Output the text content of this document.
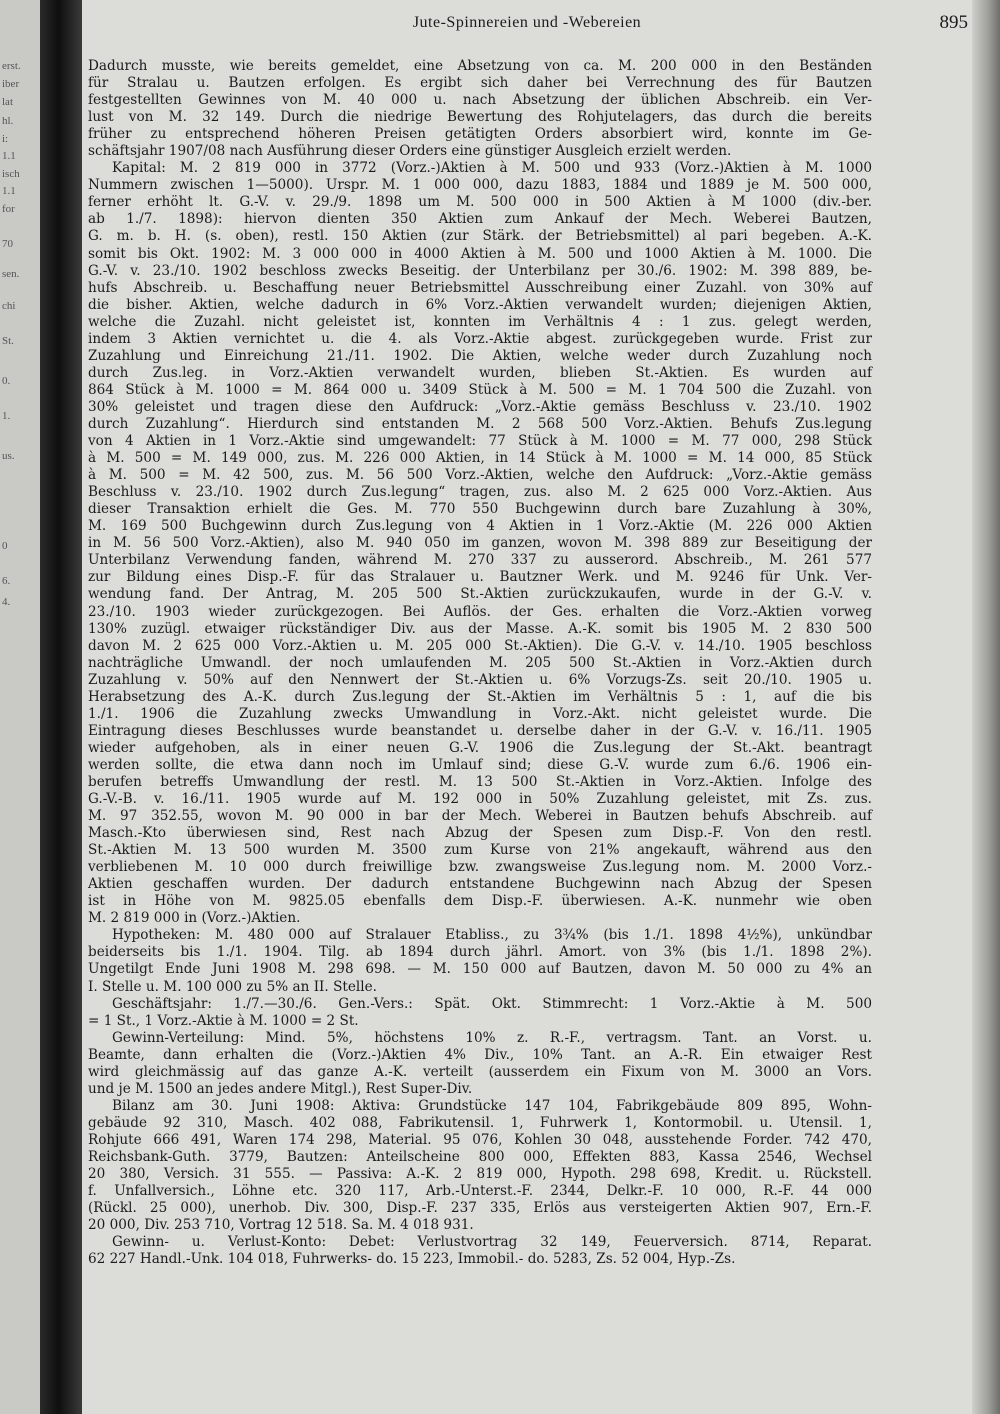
erst.
iber
lat
hl.
i:
1.1
isch
1.1
for
70
sen.
chi
St.
0.
1.
us.
0
6.
4.
Jute-Spinnereien und -Webereien	895
Dadurch musste, wie bereits gemeldet, eine Absetzung von ca. M. 200 000 in den Beständen
für Stralau u. Bautzen erfolgen. Es ergibt sich daher bei Verrechnung des für Bautzen
festgestellten Gewinnes von M. 40 000 u. nach Absetzung der üblichen Abschreib. ein Ver-
lust von M. 32 149. Durch die niedrige Bewertung des Rohjutelagers, das durch die bereits
früher zu entsprechend höheren Preisen getätigten Orders absorbiert wird, konnte im Ge-
schäftsjahr 1907/08 nach Ausführung dieser Orders eine günstiger Ausgleich erzielt werden.
Kapital: M. 2 819 000 in 3772 (Vorz.-)Aktien à M. 500 und 933 (Vorz.-)Aktien à M. 1000
Nummern zwischen 1—5000). Urspr. M. 1 000 000, dazu 1883, 1884 und 1889 je M. 500 000,
ferner erhöht lt. G.-V. v. 29./9. 1898 um M. 500 000 in 500 Aktien à M 1000 (div.-ber.
ab 1./7. 1898): hiervon dienten 350 Aktien zum Ankauf der Mech. Weberei Bautzen,
G. m. b. H. (s. oben), restl. 150 Aktien (zur Stärk. der Betriebsmittel) al pari begeben. A.-K.
somit bis Okt. 1902: M. 3 000 000 in 4000 Aktien à M. 500 und 1000 Aktien à M. 1000. Die
G.-V. v. 23./10. 1902 beschloss zwecks Beseitig. der Unterbilanz per 30./6. 1902: M. 398 889, be-
hufs Abschreib. u. Beschaffung neuer Betriebsmittel Ausschreibung einer Zuzahl. von 30% auf
die bisher. Aktien, welche dadurch in 6% Vorz.-Aktien verwandelt wurden; diejenigen Aktien,
welche die Zuzahl. nicht geleistet ist, konnten im Verhältnis 4 : 1 zus. gelegt werden,
indem 3 Aktien vernichtet u. die 4. als Vorz.-Aktie abgest. zurückgegeben wurde. Frist zur
Zuzahlung und Einreichung 21./11. 1902. Die Aktien, welche weder durch Zuzahlung noch
durch Zus.leg. in Vorz.-Aktien verwandelt wurden, blieben St.-Aktien. Es wurden auf
864 Stück à M. 1000 = M. 864 000 u. 3409 Stück à M. 500 = M. 1 704 500 die Zuzahl. von
30% geleistet und tragen diese den Aufdruck: „Vorz.-Aktie gemäss Beschluss v. 23./10. 1902
durch Zuzahlung“. Hierdurch sind entstanden M. 2 568 500 Vorz.-Aktien. Behufs Zus.legung
von 4 Aktien in 1 Vorz.-Aktie sind umgewandelt: 77 Stück à M. 1000 = M. 77 000, 298 Stück
à M. 500 = M. 149 000, zus. M. 226 000 Aktien, in 14 Stück à M. 1000 = M. 14 000, 85 Stück
à M. 500 = M. 42 500, zus. M. 56 500 Vorz.-Aktien, welche den Aufdruck: „Vorz.-Aktie gemäss
Beschluss v. 23./10. 1902 durch Zus.legung“ tragen, zus. also M. 2 625 000 Vorz.-Aktien. Aus
dieser Transaktion erhielt die Ges. M. 770 550 Buchgewinn durch bare Zuzahlung à 30%,
M. 169 500 Buchgewinn durch Zus.legung von 4 Aktien in 1 Vorz.-Aktie (M. 226 000 Aktien
in M. 56 500 Vorz.-Aktien), also M. 940 050 im ganzen, wovon M. 398 889 zur Beseitigung der
Unterbilanz Verwendung fanden, während M. 270 337 zu ausserord. Abschreib., M. 261 577
zur Bildung eines Disp.-F. für das Stralauer u. Bautzner Werk. und M. 9246 für Unk. Ver-
wendung fand. Der Antrag, M. 205 500 St.-Aktien zurückzukaufen, wurde in der G.-V. v.
23./10. 1903 wieder zurückgezogen. Bei Auflös. der Ges. erhalten die Vorz.-Aktien vorweg
130% zuzügl. etwaiger rückständiger Div. aus der Masse. A.-K. somit bis 1905 M. 2 830 500
davon M. 2 625 000 Vorz.-Aktien u. M. 205 000 St.-Aktien). Die G.-V. v. 14./10. 1905 beschloss
nachträgliche Umwandl. der noch umlaufenden M. 205 500 St.-Aktien in Vorz.-Aktien durch
Zuzahlung v. 50% auf den Nennwert der St.-Aktien u. 6% Vorzugs-Zs. seit 20./10. 1905 u.
Herabsetzung des A.-K. durch Zus.legung der St.-Aktien im Verhältnis 5 : 1, auf die bis
1./1. 1906 die Zuzahlung zwecks Umwandlung in Vorz.-Akt. nicht geleistet wurde. Die
Eintragung dieses Beschlusses wurde beanstandet u. derselbe daher in der G.-V. v. 16./11. 1905
wieder aufgehoben, als in einer neuen G.-V. 1906 die Zus.legung der St.-Akt. beantragt
werden sollte, die etwa dann noch im Umlauf sind; diese G.-V. wurde zum 6./6. 1906 ein-
berufen betreffs Umwandlung der restl. M. 13 500 St.-Aktien in Vorz.-Aktien. Infolge des
G.-V.-B. v. 16./11. 1905 wurde auf M. 192 000 in 50% Zuzahlung geleistet, mit Zs. zus.
M. 97 352.55, wovon M. 90 000 in bar der Mech. Weberei in Bautzen behufs Abschreib. auf
Masch.-Kto überwiesen sind, Rest nach Abzug der Spesen zum Disp.-F. Von den restl.
St.-Aktien M. 13 500 wurden M. 3500 zum Kurse von 21% angekauft, während aus den
verbliebenen M. 10 000 durch freiwillige bzw. zwangsweise Zus.legung nom. M. 2000 Vorz.-
Aktien geschaffen wurden. Der dadurch entstandene Buchgewinn nach Abzug der Spesen
ist in Höhe von M. 9825.05 ebenfalls dem Disp.-F. überwiesen. A.-K. nunmehr wie oben
M. 2 819 000 in (Vorz.-)Aktien.
Hypotheken: M. 480 000 auf Stralauer Etabliss., zu 3¾% (bis 1./1. 1898 4½%), unkündbar
beiderseits bis 1./1. 1904. Tilg. ab 1894 durch jährl. Amort. von 3% (bis 1./1. 1898 2%).
Ungetilgt Ende Juni 1908 M. 298 698. — M. 150 000 auf Bautzen, davon M. 50 000 zu 4% an
I. Stelle u. M. 100 000 zu 5% an II. Stelle.
Geschäftsjahr: 1./7.—30./6. Gen.-Vers.: Spät. Okt. Stimmrecht: 1 Vorz.-Aktie à M. 500
= 1 St., 1 Vorz.-Aktie à M. 1000 = 2 St.
Gewinn-Verteilung: Mind. 5%, höchstens 10% z. R.-F., vertragsm. Tant. an Vorst. u.
Beamte, dann erhalten die (Vorz.-)Aktien 4% Div., 10% Tant. an A.-R. Ein etwaiger Rest
wird gleichmässig auf das ganze A.-K. verteilt (ausserdem ein Fixum von M. 3000 an Vors.
und je M. 1500 an jedes andere Mitgl.), Rest Super-Div.
Bilanz am 30. Juni 1908: Aktiva: Grundstücke 147 104, Fabrikgebäude 809 895, Wohn-
gebäude 92 310, Masch. 402 088, Fabrikutensil. 1, Fuhrwerk 1, Kontormobil. u. Utensil. 1,
Rohjute 666 491, Waren 174 298, Material. 95 076, Kohlen 30 048, ausstehende Forder. 742 470,
Reichsbank-Guth. 3779, Bautzen: Anteilscheine 800 000, Effekten 883, Kassa 2546, Wechsel
20 380, Versich. 31 555. — Passiva: A.-K. 2 819 000, Hypoth. 298 698, Kredit. u. Rückstell.
f. Unfallversich., Löhne etc. 320 117, Arb.-Unterst.-F. 2344, Delkr.-F. 10 000, R.-F. 44 000
(Rückl. 25 000), unerhob. Div. 300, Disp.-F. 237 335, Erlös aus versteigerten Aktien 907, Ern.-F.
20 000, Div. 253 710, Vortrag 12 518. Sa. M. 4 018 931.
Gewinn- u. Verlust-Konto: Debet: Verlustvortrag 32 149, Feuerversich. 8714, Reparat.
62 227 Handl.-Unk. 104 018, Fuhrwerks- do. 15 223, Immobil.- do. 5283, Zs. 52 004, Hyp.-Zs.
